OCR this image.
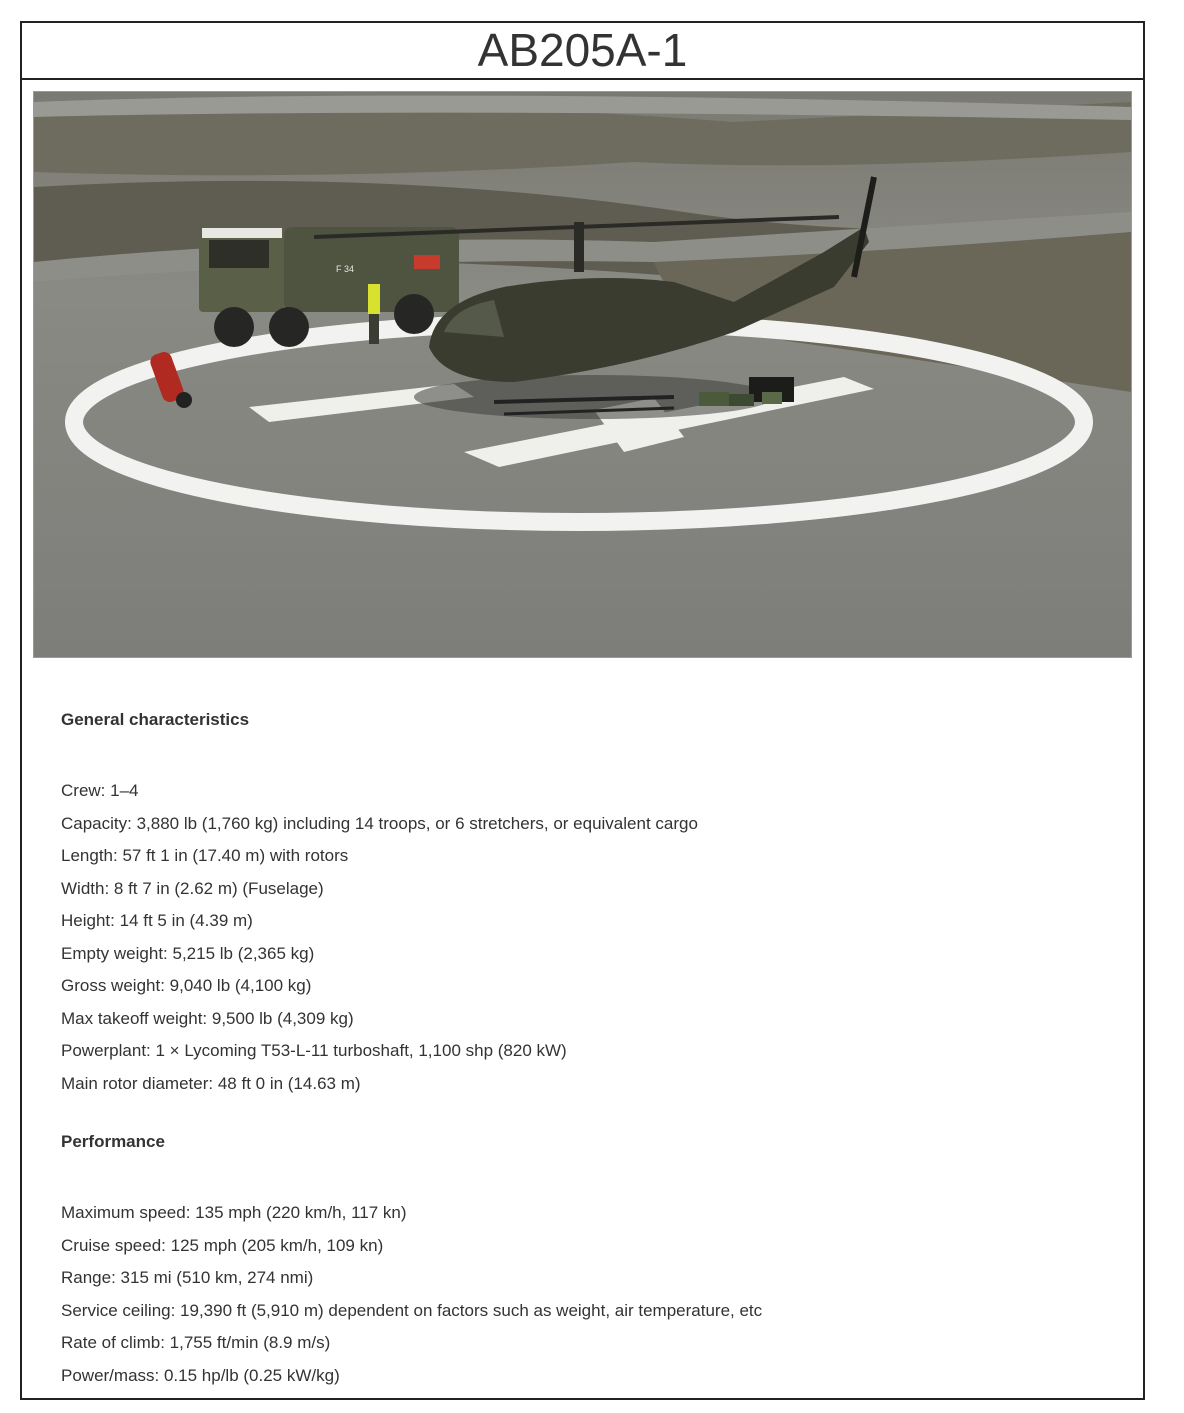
AB205A-1
F 34

General characteristics

Crew: 1–4
Capacity: 3,880 lb (1,760 kg) including 14 troops, or 6 stretchers, or equivalent cargo
Length: 57 ft 1 in (17.40 m) with rotors
Width: 8 ft 7 in (2.62 m) (Fuselage)
Height: 14 ft 5 in (4.39 m)
Empty weight: 5,215 lb (2,365 kg)
Gross weight: 9,040 lb (4,100 kg)
Max takeoff weight: 9,500 lb (4,309 kg)
Powerplant: 1 × Lycoming T53-L-11 turboshaft, 1,100 shp (820 kW)
Main rotor diameter: 48 ft 0 in (14.63 m)

Performance

Maximum speed: 135 mph (220 km/h, 117 kn)
Cruise speed: 125 mph (205 km/h, 109 kn)
Range: 315 mi (510 km, 274 nmi)
Service ceiling: 19,390 ft (5,910 m) dependent on factors such as weight, air temperature, etc
Rate of climb: 1,755 ft/min (8.9 m/s)
Power/mass: 0.15 hp/lb (0.25 kW/kg)
